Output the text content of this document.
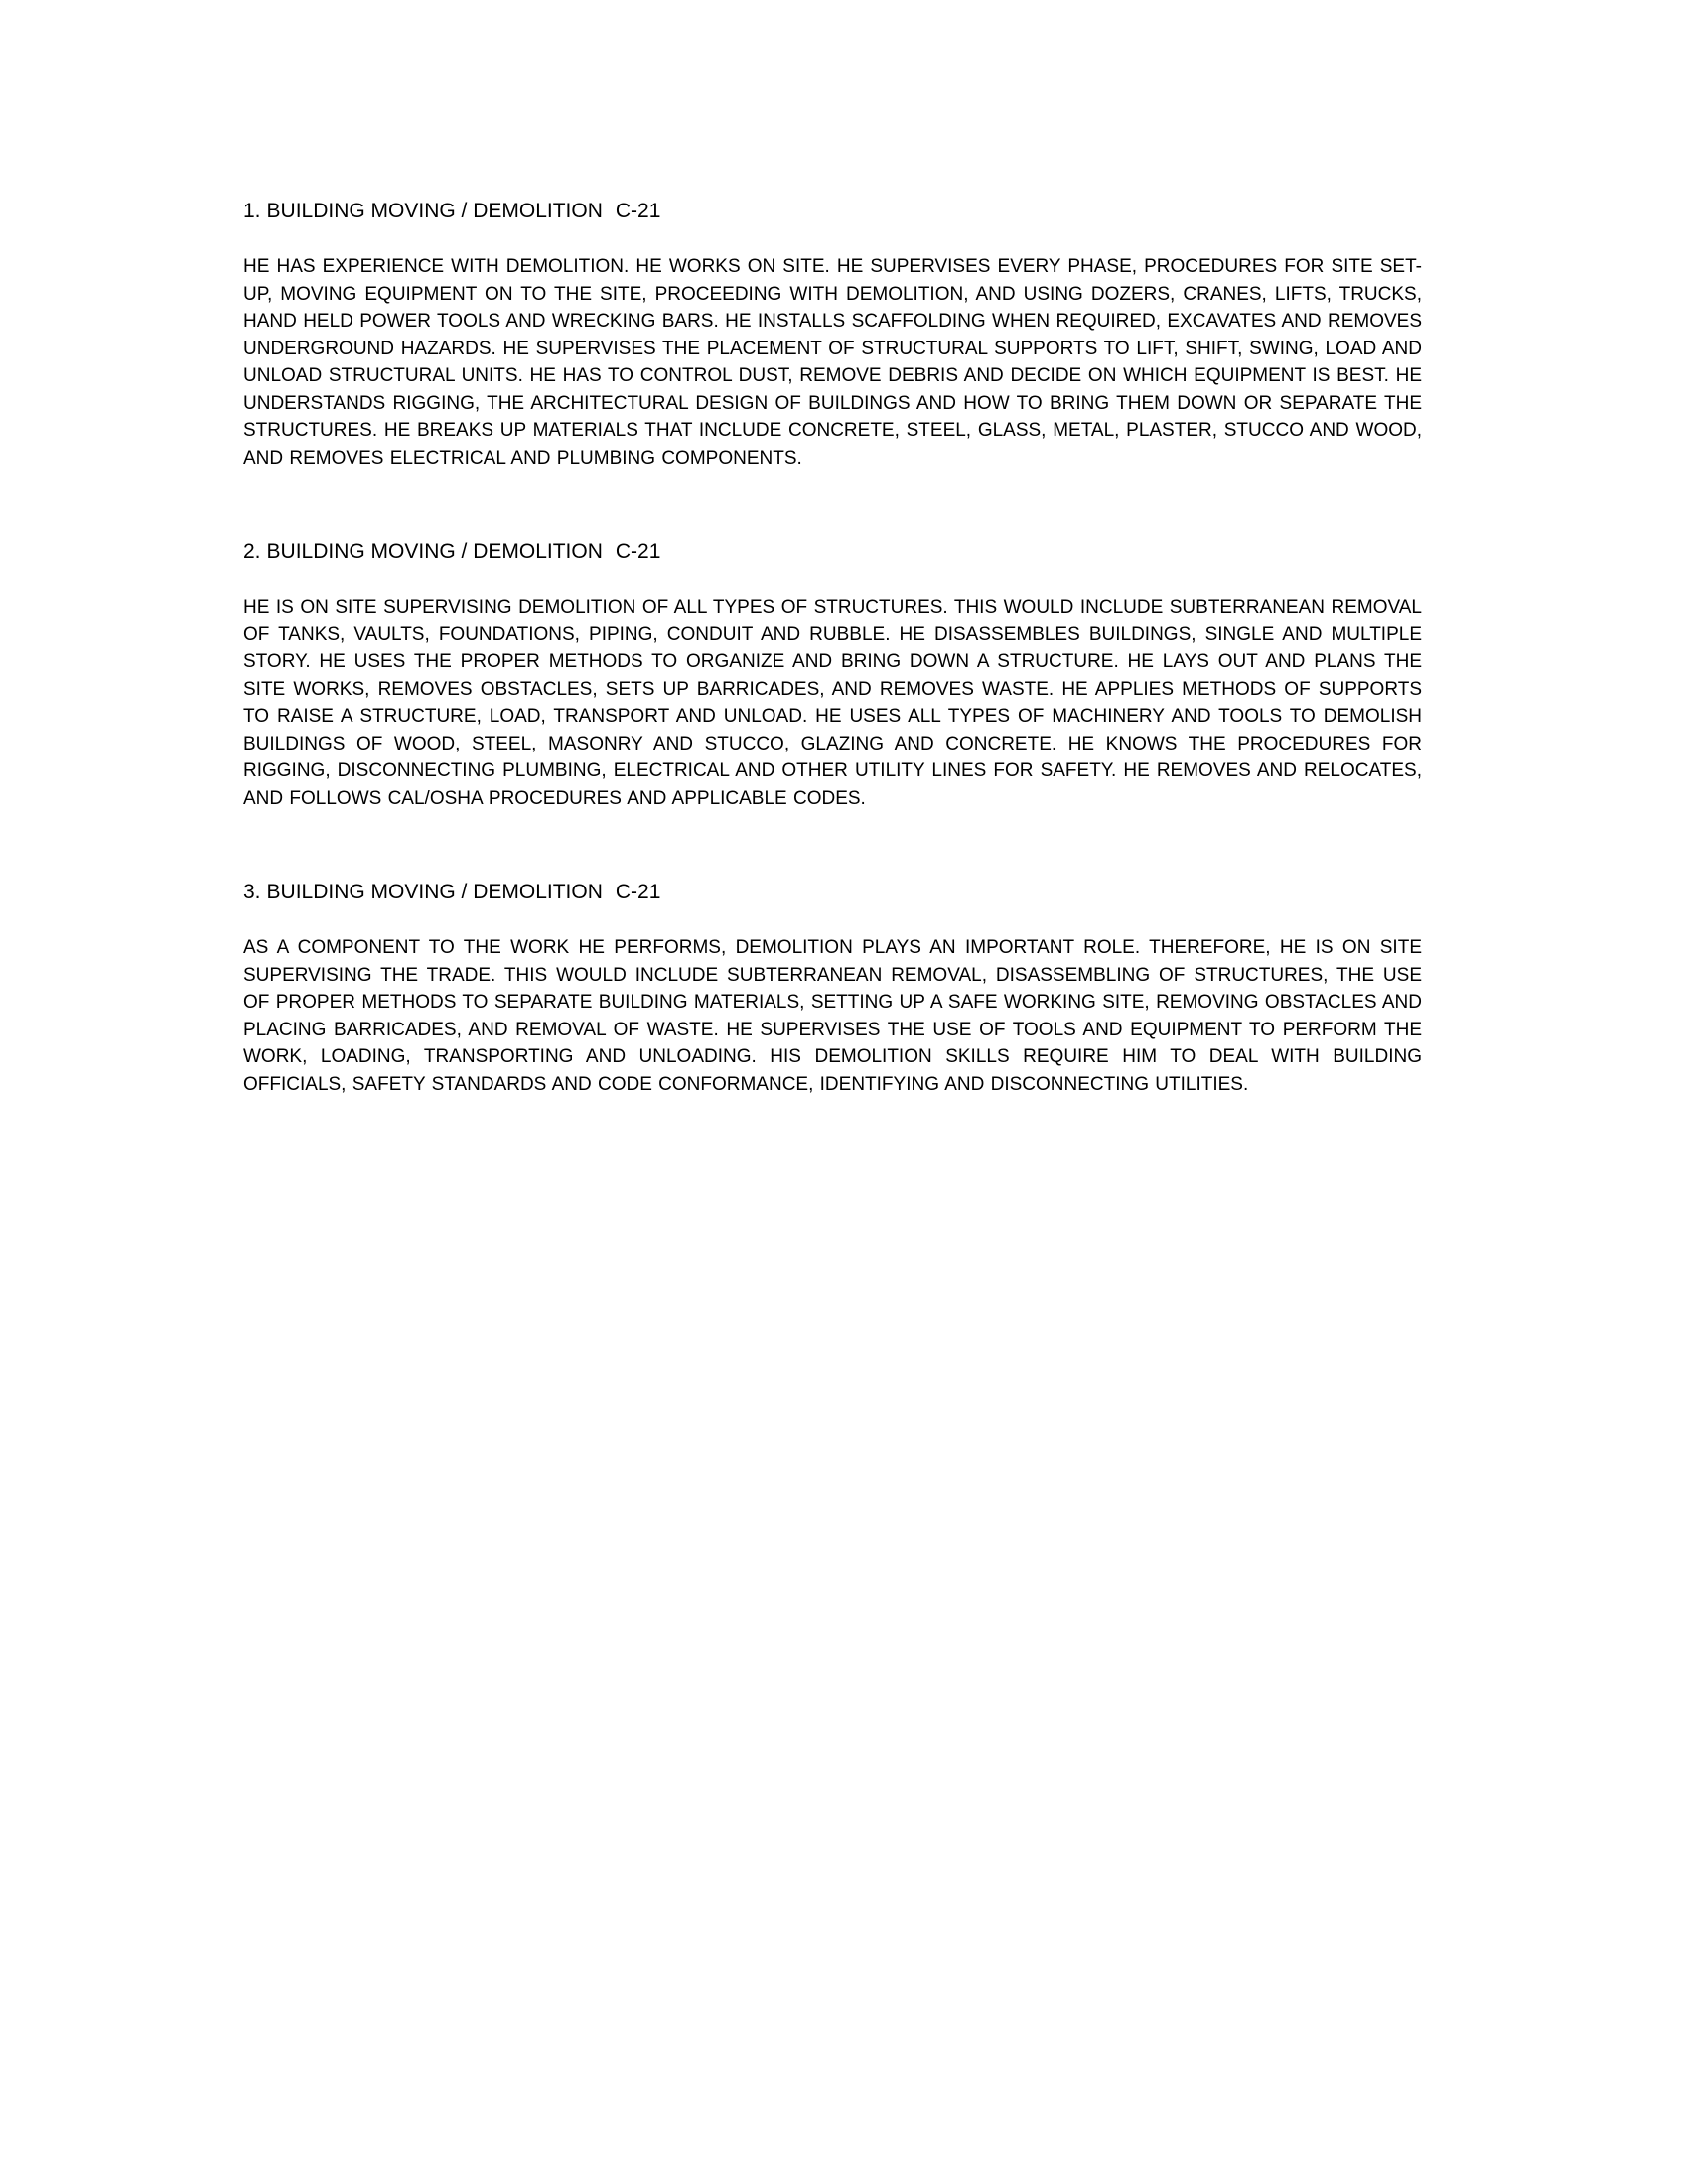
1. BUILDING MOVING / DEMOLITION C-21

HE HAS EXPERIENCE WITH DEMOLITION. HE WORKS ON SITE. HE SUPERVISES EVERY PHASE, PROCEDURES FOR SITE SET-UP, MOVING EQUIPMENT ON TO THE SITE, PROCEEDING WITH DEMOLITION, AND USING DOZERS, CRANES, LIFTS, TRUCKS, HAND HELD POWER TOOLS AND WRECKING BARS. HE INSTALLS SCAFFOLDING WHEN REQUIRED, EXCAVATES AND REMOVES UNDERGROUND HAZARDS. HE SUPERVISES THE PLACEMENT OF STRUCTURAL SUPPORTS TO LIFT, SHIFT, SWING, LOAD AND UNLOAD STRUCTURAL UNITS. HE HAS TO CONTROL DUST, REMOVE DEBRIS AND DECIDE ON WHICH EQUIPMENT IS BEST. HE UNDERSTANDS RIGGING, THE ARCHITECTURAL DESIGN OF BUILDINGS AND HOW TO BRING THEM DOWN OR SEPARATE THE STRUCTURES. HE BREAKS UP MATERIALS THAT INCLUDE CONCRETE, STEEL, GLASS, METAL, PLASTER, STUCCO AND WOOD, AND REMOVES ELECTRICAL AND PLUMBING COMPONENTS.

2. BUILDING MOVING / DEMOLITION C-21

HE IS ON SITE SUPERVISING DEMOLITION OF ALL TYPES OF STRUCTURES. THIS WOULD INCLUDE SUBTERRANEAN REMOVAL OF TANKS, VAULTS, FOUNDATIONS, PIPING, CONDUIT AND RUBBLE. HE DISASSEMBLES BUILDINGS, SINGLE AND MULTIPLE STORY. HE USES THE PROPER METHODS TO ORGANIZE AND BRING DOWN A STRUCTURE. HE LAYS OUT AND PLANS THE SITE WORKS, REMOVES OBSTACLES, SETS UP BARRICADES, AND REMOVES WASTE. HE APPLIES METHODS OF SUPPORTS TO RAISE A STRUCTURE, LOAD, TRANSPORT AND UNLOAD. HE USES ALL TYPES OF MACHINERY AND TOOLS TO DEMOLISH BUILDINGS OF WOOD, STEEL, MASONRY AND STUCCO, GLAZING AND CONCRETE. HE KNOWS THE PROCEDURES FOR RIGGING, DISCONNECTING PLUMBING, ELECTRICAL AND OTHER UTILITY LINES FOR SAFETY. HE REMOVES AND RELOCATES, AND FOLLOWS CAL/OSHA PROCEDURES AND APPLICABLE CODES.

3. BUILDING MOVING / DEMOLITION C-21

AS A COMPONENT TO THE WORK HE PERFORMS, DEMOLITION PLAYS AN IMPORTANT ROLE. THEREFORE, HE IS ON SITE SUPERVISING THE TRADE. THIS WOULD INCLUDE SUBTERRANEAN REMOVAL, DISASSEMBLING OF STRUCTURES, THE USE OF PROPER METHODS TO SEPARATE BUILDING MATERIALS, SETTING UP A SAFE WORKING SITE, REMOVING OBSTACLES AND PLACING BARRICADES, AND REMOVAL OF WASTE. HE SUPERVISES THE USE OF TOOLS AND EQUIPMENT TO PERFORM THE WORK, LOADING, TRANSPORTING AND UNLOADING. HIS DEMOLITION SKILLS REQUIRE HIM TO DEAL WITH BUILDING OFFICIALS, SAFETY STANDARDS AND CODE CONFORMANCE, IDENTIFYING AND DISCONNECTING UTILITIES.
